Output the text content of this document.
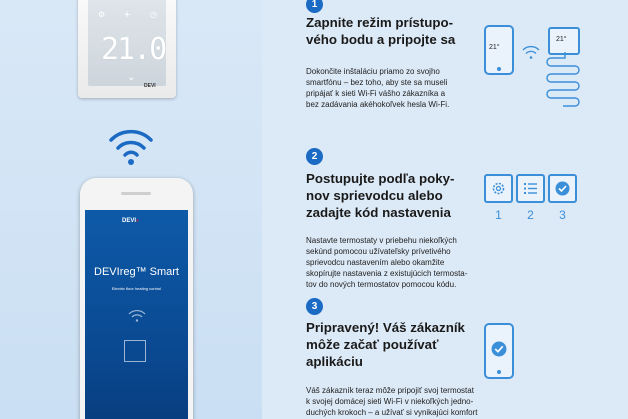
⚙ + ◷
21.0
⌄
DEVI
DEVI®
DEVIreg™ Smart
Electric floor heating control
1
Zapnite režim prístupo-
vého bodu a pripojte sa
Dokončite inštaláciu priamo zo svojho
smartfónu – bez toho, aby ste sa museli
pripájať k sieti Wi-Fi vášho zákazníka a
bez zadávania akéhokoľvek hesla Wi-Fi.
21°
21°
2
Postupujte podľa poky-
nov sprievodcu alebo
zadajte kód nastavenia
Nastavte termostaty v priebehu niekoľkých
sekúnd pomocou užívateľsky prívetivého
sprievodcu nastavením alebo okamžite
skopírujte nastavenia z existujúcich termosta-
tov do nových termostatov pomocou kódu.
1	2	3
3
Pripravený! Váš zákazník
môže začať používať
aplikáciu
Váš zákazník teraz môže pripojiť svoj termostat
k svojej domácej sieti Wi-Fi v niekoľkých jedno-
duchých krokoch – a užívať si vynikajúci komfort
